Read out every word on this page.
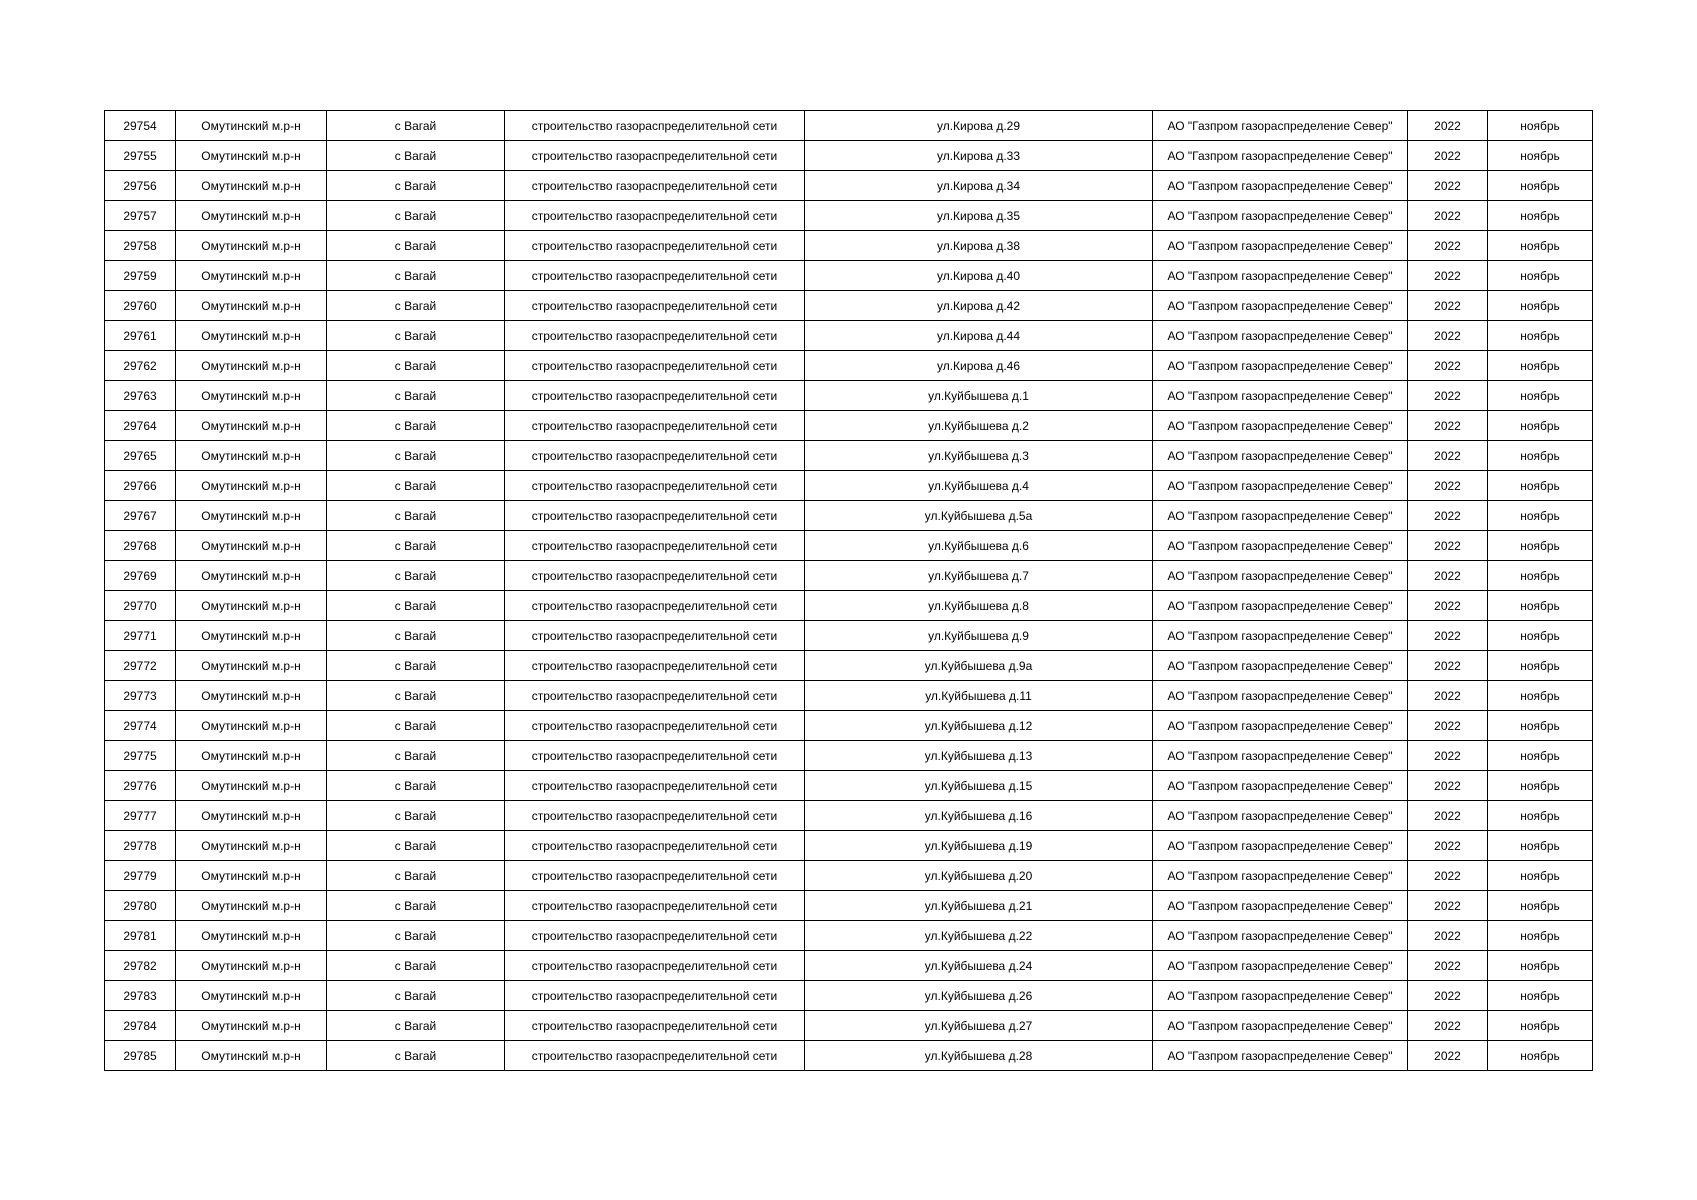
29754	Омутинский м.р-н	с Вагай	строительство газораспределительной сети	ул.Кирова д.29	АО "Газпром газораспределение Север"	2022	ноябрь
29755	Омутинский м.р-н	с Вагай	строительство газораспределительной сети	ул.Кирова д.33	АО "Газпром газораспределение Север"	2022	ноябрь
29756	Омутинский м.р-н	с Вагай	строительство газораспределительной сети	ул.Кирова д.34	АО "Газпром газораспределение Север"	2022	ноябрь
29757	Омутинский м.р-н	с Вагай	строительство газораспределительной сети	ул.Кирова д.35	АО "Газпром газораспределение Север"	2022	ноябрь
29758	Омутинский м.р-н	с Вагай	строительство газораспределительной сети	ул.Кирова д.38	АО "Газпром газораспределение Север"	2022	ноябрь
29759	Омутинский м.р-н	с Вагай	строительство газораспределительной сети	ул.Кирова д.40	АО "Газпром газораспределение Север"	2022	ноябрь
29760	Омутинский м.р-н	с Вагай	строительство газораспределительной сети	ул.Кирова д.42	АО "Газпром газораспределение Север"	2022	ноябрь
29761	Омутинский м.р-н	с Вагай	строительство газораспределительной сети	ул.Кирова д.44	АО "Газпром газораспределение Север"	2022	ноябрь
29762	Омутинский м.р-н	с Вагай	строительство газораспределительной сети	ул.Кирова д.46	АО "Газпром газораспределение Север"	2022	ноябрь
29763	Омутинский м.р-н	с Вагай	строительство газораспределительной сети	ул.Куйбышева д.1	АО "Газпром газораспределение Север"	2022	ноябрь
29764	Омутинский м.р-н	с Вагай	строительство газораспределительной сети	ул.Куйбышева д.2	АО "Газпром газораспределение Север"	2022	ноябрь
29765	Омутинский м.р-н	с Вагай	строительство газораспределительной сети	ул.Куйбышева д.3	АО "Газпром газораспределение Север"	2022	ноябрь
29766	Омутинский м.р-н	с Вагай	строительство газораспределительной сети	ул.Куйбышева д.4	АО "Газпром газораспределение Север"	2022	ноябрь
29767	Омутинский м.р-н	с Вагай	строительство газораспределительной сети	ул.Куйбышева д.5а	АО "Газпром газораспределение Север"	2022	ноябрь
29768	Омутинский м.р-н	с Вагай	строительство газораспределительной сети	ул.Куйбышева д.6	АО "Газпром газораспределение Север"	2022	ноябрь
29769	Омутинский м.р-н	с Вагай	строительство газораспределительной сети	ул.Куйбышева д.7	АО "Газпром газораспределение Север"	2022	ноябрь
29770	Омутинский м.р-н	с Вагай	строительство газораспределительной сети	ул.Куйбышева д.8	АО "Газпром газораспределение Север"	2022	ноябрь
29771	Омутинский м.р-н	с Вагай	строительство газораспределительной сети	ул.Куйбышева д.9	АО "Газпром газораспределение Север"	2022	ноябрь
29772	Омутинский м.р-н	с Вагай	строительство газораспределительной сети	ул.Куйбышева д.9а	АО "Газпром газораспределение Север"	2022	ноябрь
29773	Омутинский м.р-н	с Вагай	строительство газораспределительной сети	ул.Куйбышева д.11	АО "Газпром газораспределение Север"	2022	ноябрь
29774	Омутинский м.р-н	с Вагай	строительство газораспределительной сети	ул.Куйбышева д.12	АО "Газпром газораспределение Север"	2022	ноябрь
29775	Омутинский м.р-н	с Вагай	строительство газораспределительной сети	ул.Куйбышева д.13	АО "Газпром газораспределение Север"	2022	ноябрь
29776	Омутинский м.р-н	с Вагай	строительство газораспределительной сети	ул.Куйбышева д.15	АО "Газпром газораспределение Север"	2022	ноябрь
29777	Омутинский м.р-н	с Вагай	строительство газораспределительной сети	ул.Куйбышева д.16	АО "Газпром газораспределение Север"	2022	ноябрь
29778	Омутинский м.р-н	с Вагай	строительство газораспределительной сети	ул.Куйбышева д.19	АО "Газпром газораспределение Север"	2022	ноябрь
29779	Омутинский м.р-н	с Вагай	строительство газораспределительной сети	ул.Куйбышева д.20	АО "Газпром газораспределение Север"	2022	ноябрь
29780	Омутинский м.р-н	с Вагай	строительство газораспределительной сети	ул.Куйбышева д.21	АО "Газпром газораспределение Север"	2022	ноябрь
29781	Омутинский м.р-н	с Вагай	строительство газораспределительной сети	ул.Куйбышева д.22	АО "Газпром газораспределение Север"	2022	ноябрь
29782	Омутинский м.р-н	с Вагай	строительство газораспределительной сети	ул.Куйбышева д.24	АО "Газпром газораспределение Север"	2022	ноябрь
29783	Омутинский м.р-н	с Вагай	строительство газораспределительной сети	ул.Куйбышева д.26	АО "Газпром газораспределение Север"	2022	ноябрь
29784	Омутинский м.р-н	с Вагай	строительство газораспределительной сети	ул.Куйбышева д.27	АО "Газпром газораспределение Север"	2022	ноябрь
29785	Омутинский м.р-н	с Вагай	строительство газораспределительной сети	ул.Куйбышева д.28	АО "Газпром газораспределение Север"	2022	ноябрь
